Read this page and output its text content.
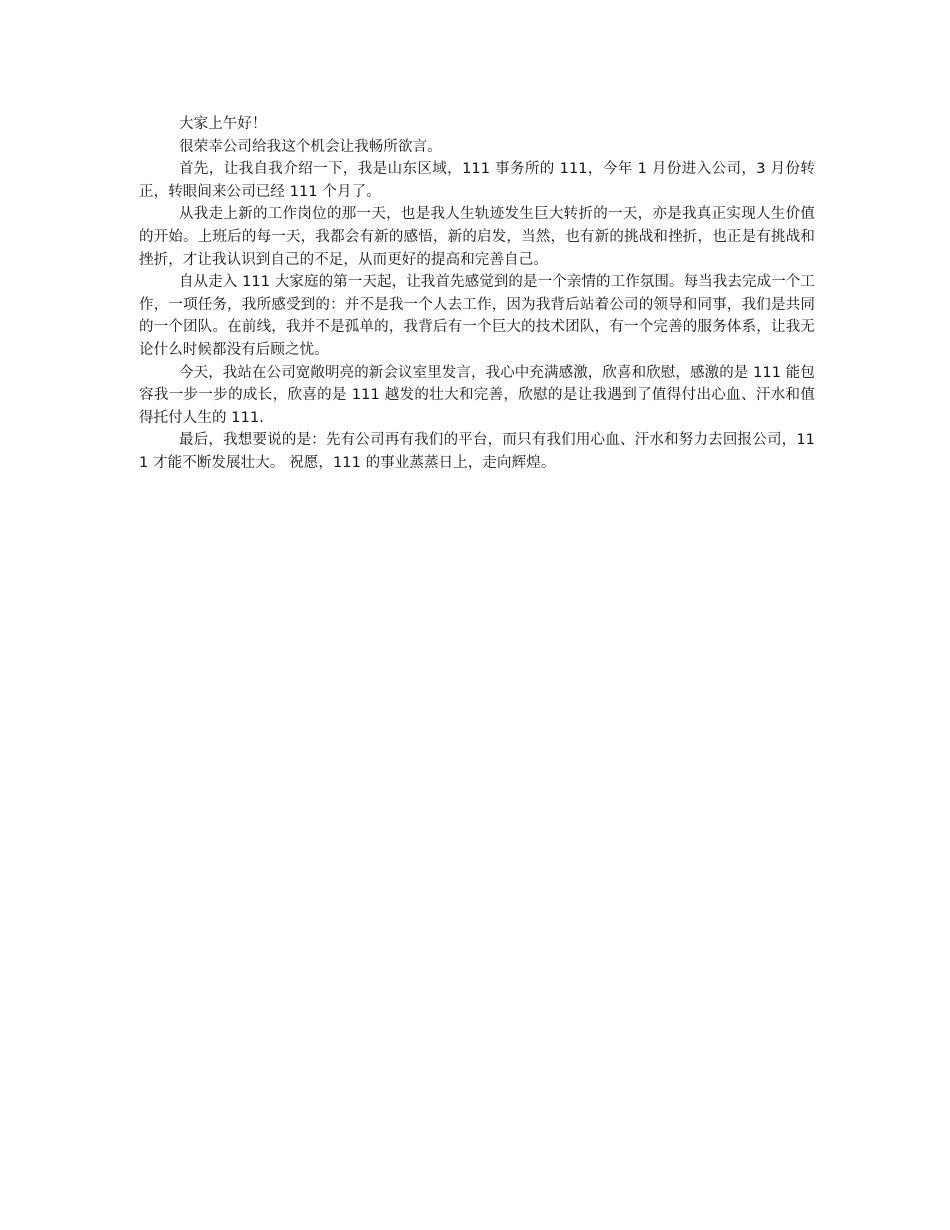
大家上午好！

很荣幸公司给我这个机会让我畅所欲言。

首先，让我自我介绍一下，我是山东区域，111 事务所的 111，今年 1 月份进入公司，3 月份转正，转眼间来公司已经 111 个月了。

从我走上新的工作岗位的那一天，也是我人生轨迹发生巨大转折的一天，亦是我真正实现人生价值的开始。上班后的每一天，我都会有新的感悟，新的启发，当然，也有新的挑战和挫折，也正是有挑战和挫折，才让我认识到自己的不足，从而更好的提高和完善自己。

自从走入 111 大家庭的第一天起，让我首先感觉到的是一个亲情的工作氛围。每当我去完成一个工作，一项任务，我所感受到的：并不是我一个人去工作，因为我背后站着公司的领导和同事，我们是共同的一个团队。在前线，我并不是孤单的，我背后有一个巨大的技术团队，有一个完善的服务体系，让我无论什么时候都没有后顾之忧。

今天，我站在公司宽敞明亮的新会议室里发言，我心中充满感激，欣喜和欣慰，感激的是 111 能包容我一步一步的成长，欣喜的是 111 越发的壮大和完善，欣慰的是让我遇到了值得付出心血、汗水和值得托付人生的 111．

最后，我想要说的是：先有公司再有我们的平台，而只有我们用心血、汗水和努力去回报公司，111 才能不断发展壮大。 祝愿，111 的事业蒸蒸日上，走向辉煌。
